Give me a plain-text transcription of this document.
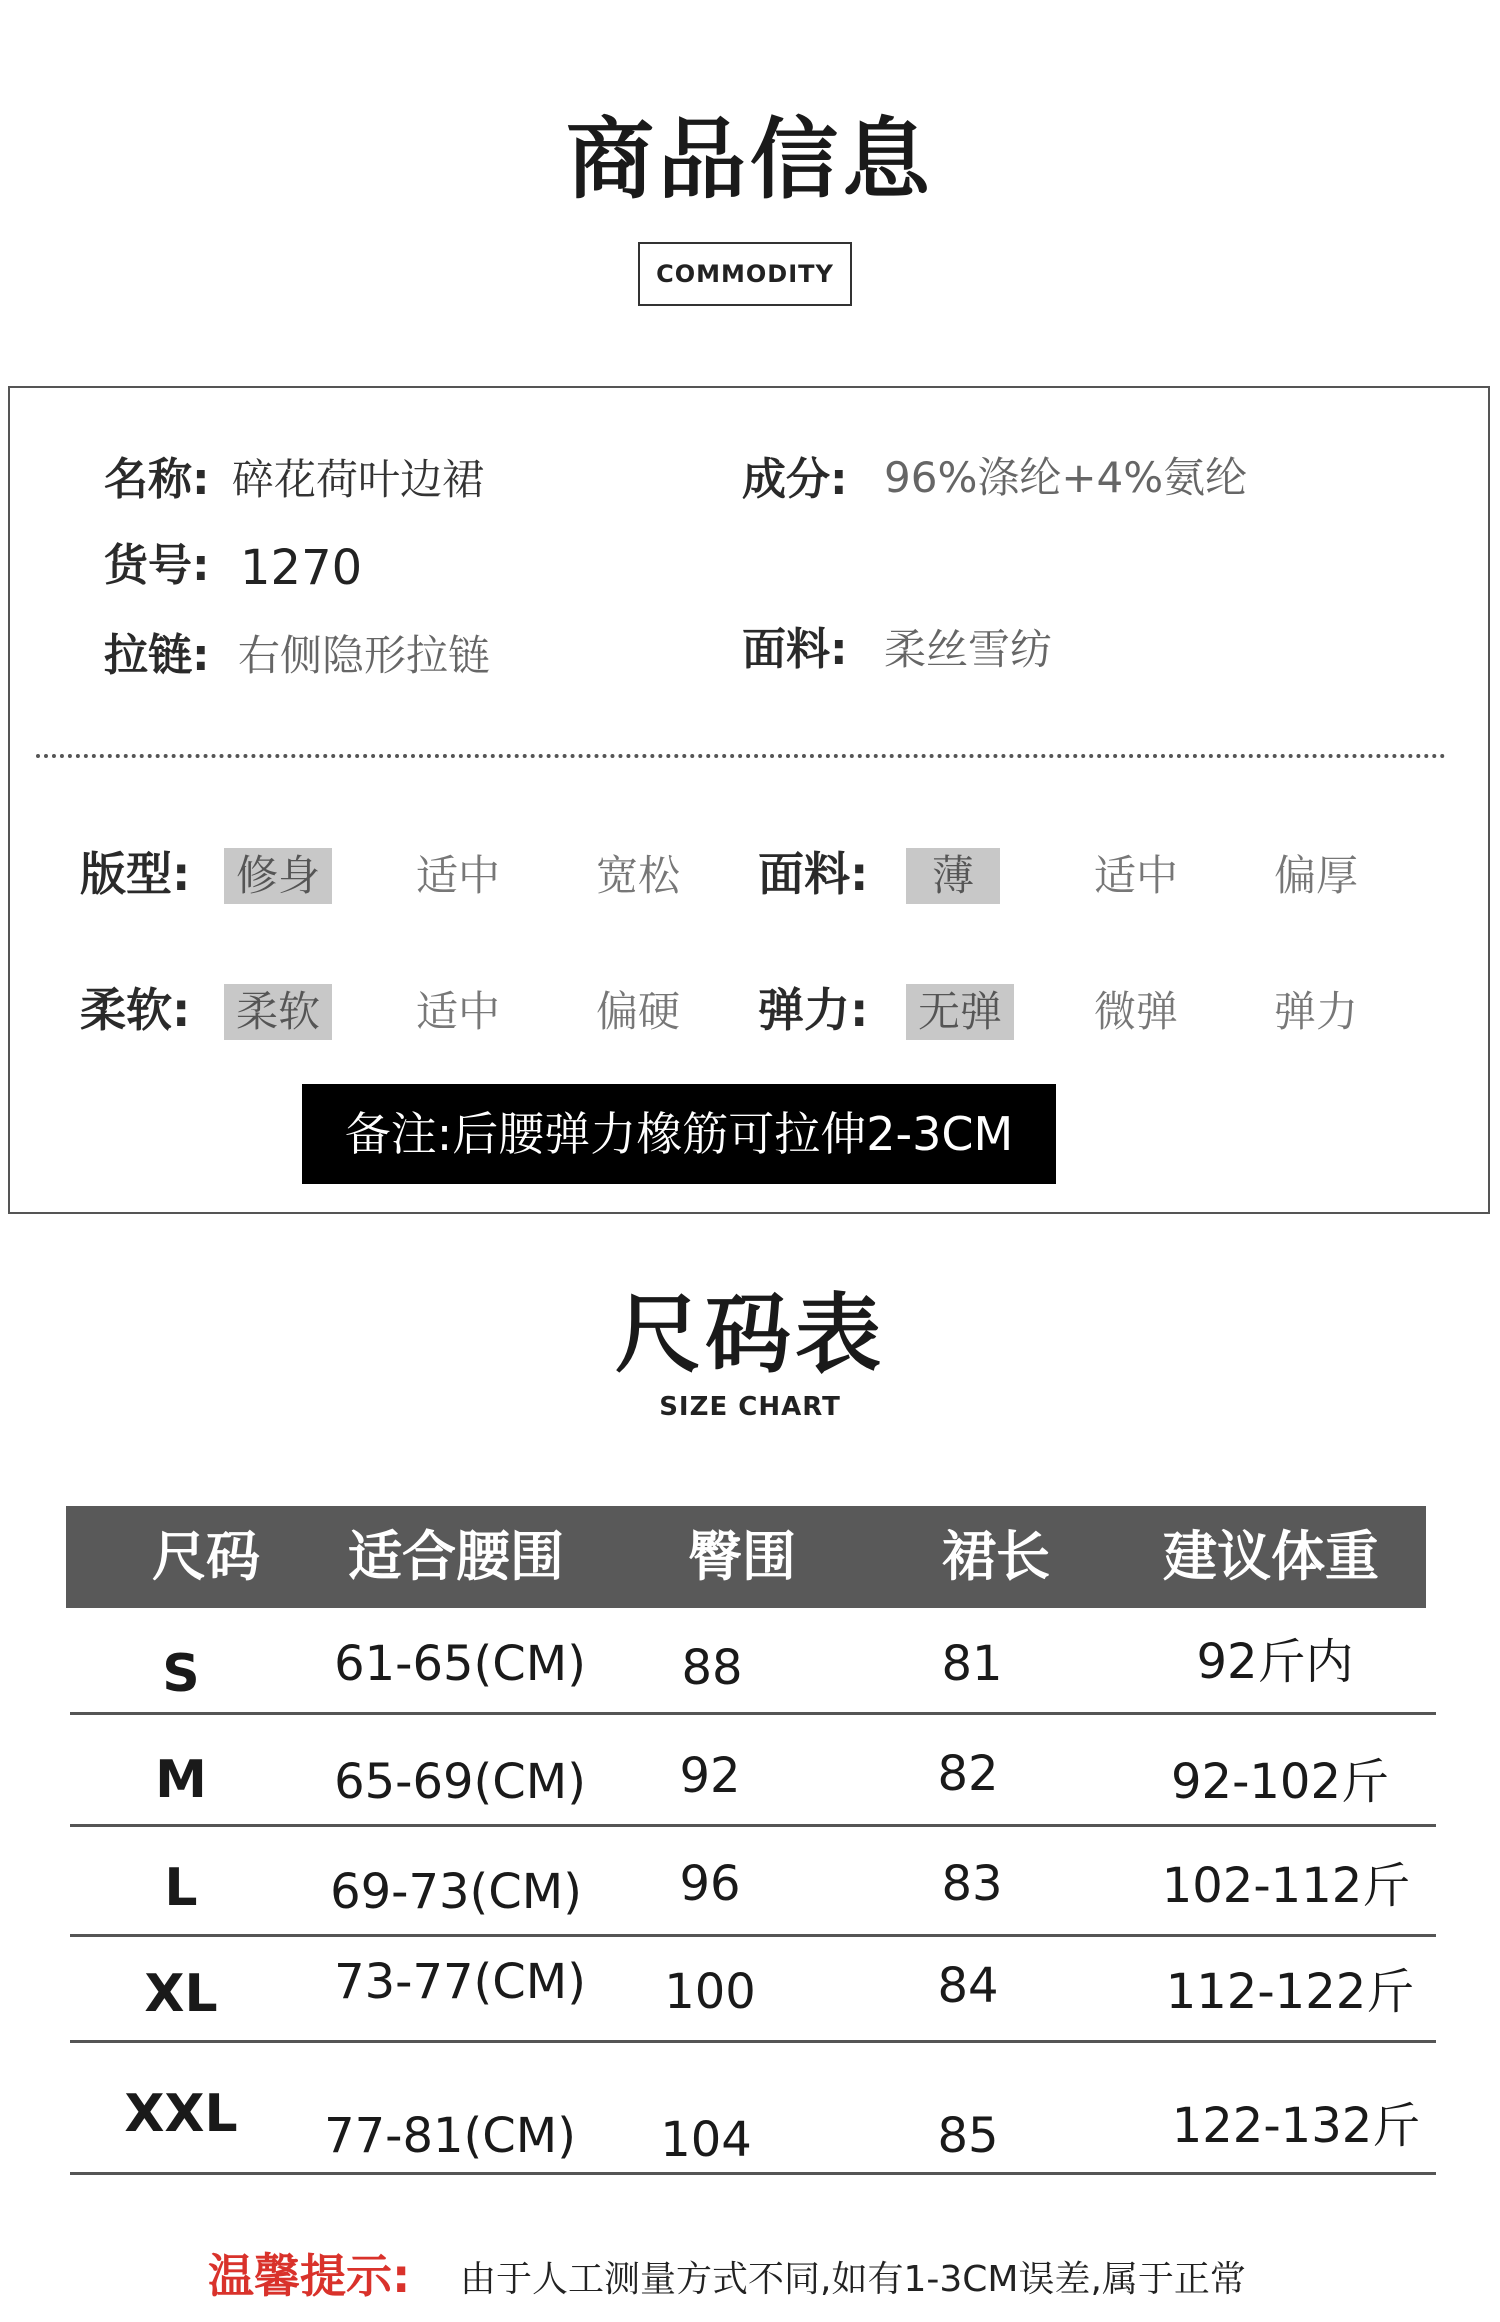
商品信息
COMMODITY
名称: 碎花荷叶边裙	成分: 96%涤纶+4%氨纶
货号: 1270
拉链: 右侧隐形拉链	面料: 柔丝雪纺
版型: 修身 适中 宽松 面料:	薄	适中 偏厚
柔软: 柔软 适中 偏硬 弹力: 无弹 微弹 弹力
备注:后腰弹力橡筋可拉伸2-3CM
尺码表
SIZE CHART
尺码	适合腰围	臀围	裙长	建议体重
S	61-65(CM)	88	81	92斤内
M	65-69(CM)	92	82	92-102斤
L	69-73(CM)	96	83	102-112斤
XL	73-77(CM)	100	84	112-122斤
XXL	77-81(CM)	104	85	122-132斤
温馨提示: 由于人工测量方式不同,如有1-3CM误差,属于正常
